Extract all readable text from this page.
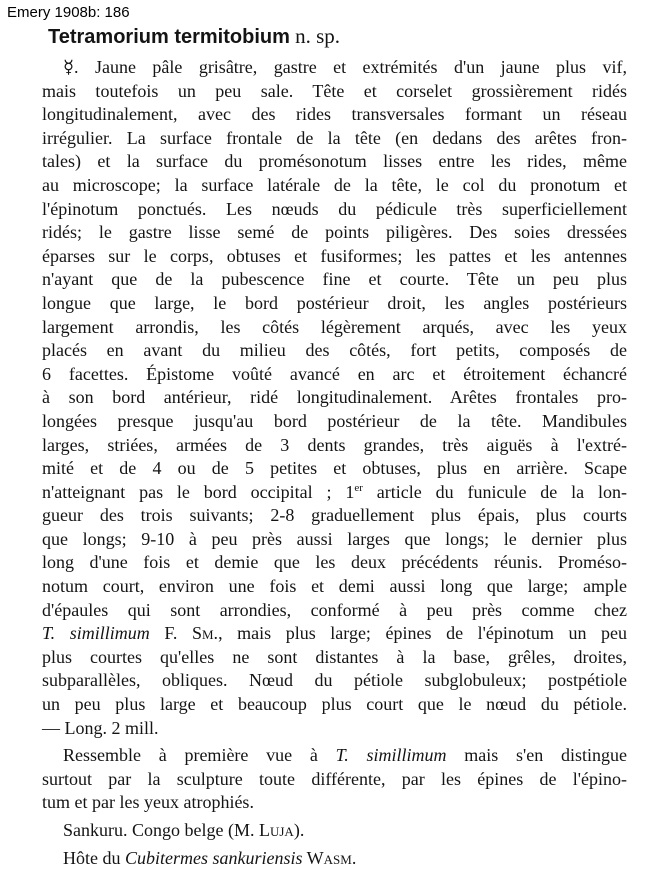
Emery 1908b: 186
Tetramorium termitobium n. sp.
☿. Jaune pâle grisâtre, gastre et extrémités d'un jaune plus vif,
mais toutefois un peu sale. Tête et corselet grossièrement ridés
longitudinalement, avec des rides transversales formant un réseau
irrégulier. La surface frontale de la tête (en dedans des arêtes fron-
tales) et la surface du promésonotum lisses entre les rides, même
au microscope; la surface latérale de la tête, le col du pronotum et
l'épinotum ponctués. Les nœuds du pédicule très superficiellement
ridés; le gastre lisse semé de points piligères. Des soies dressées
éparses sur le corps, obtuses et fusiformes; les pattes et les antennes
n'ayant que de la pubescence fine et courte. Tête un peu plus
longue que large, le bord postérieur droit, les angles postérieurs
largement arrondis, les côtés légèrement arqués, avec les yeux
placés en avant du milieu des côtés, fort petits, composés de
6 facettes. Épistome voûté avancé en arc et étroitement échancré
à son bord antérieur, ridé longitudinalement. Arêtes frontales pro-
longées presque jusqu'au bord postérieur de la tête. Mandibules
larges, striées, armées de 3 dents grandes, très aiguës à l'extré-
mité et de 4 ou de 5 petites et obtuses, plus en arrière. Scape
n'atteignant pas le bord occipital ; 1er article du funicule de la lon-
gueur des trois suivants; 2-8 graduellement plus épais, plus courts
que longs; 9-10 à peu près aussi larges que longs; le dernier plus
long d'une fois et demie que les deux précédents réunis. Proméso-
notum court, environ une fois et demi aussi long que large; ample
d'épaules qui sont arrondies, conformé à peu près comme chez
T. simillimum F. Sm., mais plus large; épines de l'épinotum un peu
plus courtes qu'elles ne sont distantes à la base, grêles, droites,
subparallèles, obliques. Nœud du pétiole subglobuleux; postpétiole
un peu plus large et beaucoup plus court que le nœud du pétiole.
— Long. 2 mill.
Ressemble à première vue à T. simillimum mais s'en distingue
surtout par la sculpture toute différente, par les épines de l'épino-
tum et par les yeux atrophiés.
Sankuru. Congo belge (M. Luja).
Hôte du Cubitermes sankuriensis Wasm.
